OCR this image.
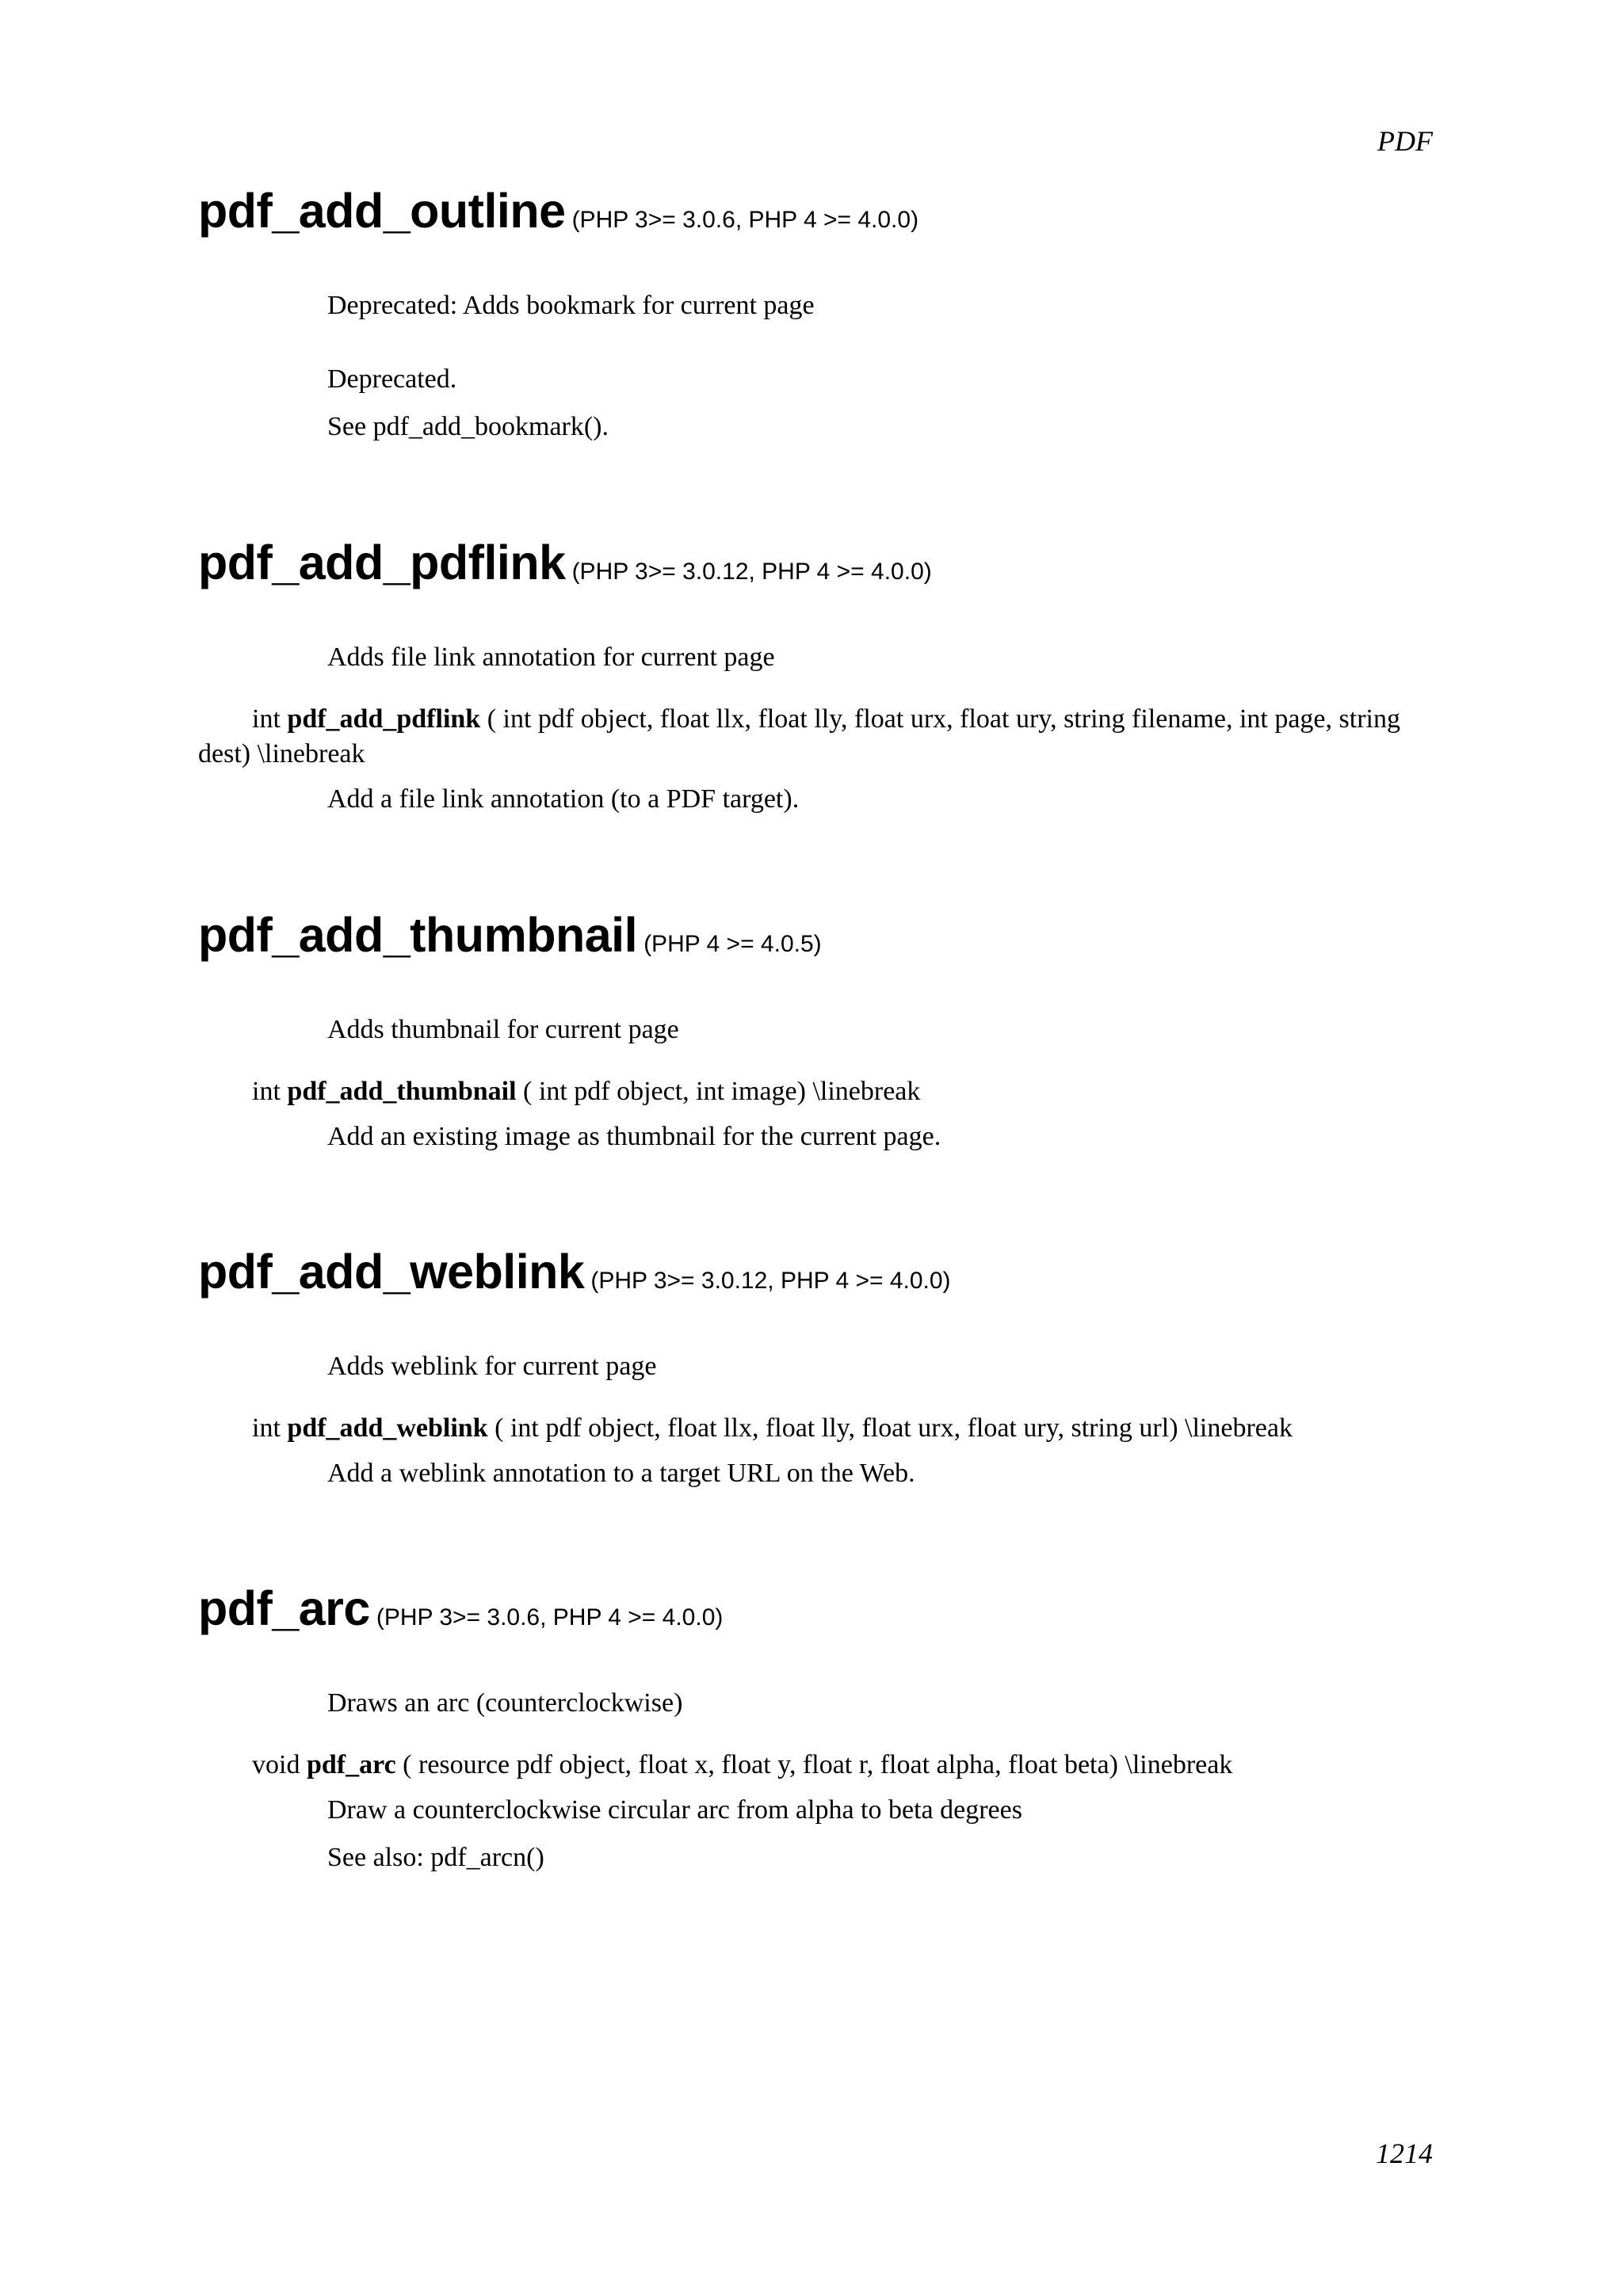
PDF
pdf_add_outline (PHP 3>= 3.0.6, PHP 4 >= 4.0.0)

Deprecated: Adds bookmark for current page

Deprecated.

See pdf_add_bookmark().

pdf_add_pdflink (PHP 3>= 3.0.12, PHP 4 >= 4.0.0)

Adds file link annotation for current page

int pdf_add_pdflink ( int pdf object, float llx, float lly, float urx, float ury, string filename, int page, string dest) \linebreak

Add a file link annotation (to a PDF target).

pdf_add_thumbnail (PHP 4 >= 4.0.5)

Adds thumbnail for current page

int pdf_add_thumbnail ( int pdf object, int image) \linebreak

Add an existing image as thumbnail for the current page.

pdf_add_weblink (PHP 3>= 3.0.12, PHP 4 >= 4.0.0)

Adds weblink for current page

int pdf_add_weblink ( int pdf object, float llx, float lly, float urx, float ury, string url) \linebreak

Add a weblink annotation to a target URL on the Web.

pdf_arc (PHP 3>= 3.0.6, PHP 4 >= 4.0.0)

Draws an arc (counterclockwise)

void pdf_arc ( resource pdf object, float x, float y, float r, float alpha, float beta) \linebreak

Draw a counterclockwise circular arc from alpha to beta degrees

See also: pdf_arcn()

1214
